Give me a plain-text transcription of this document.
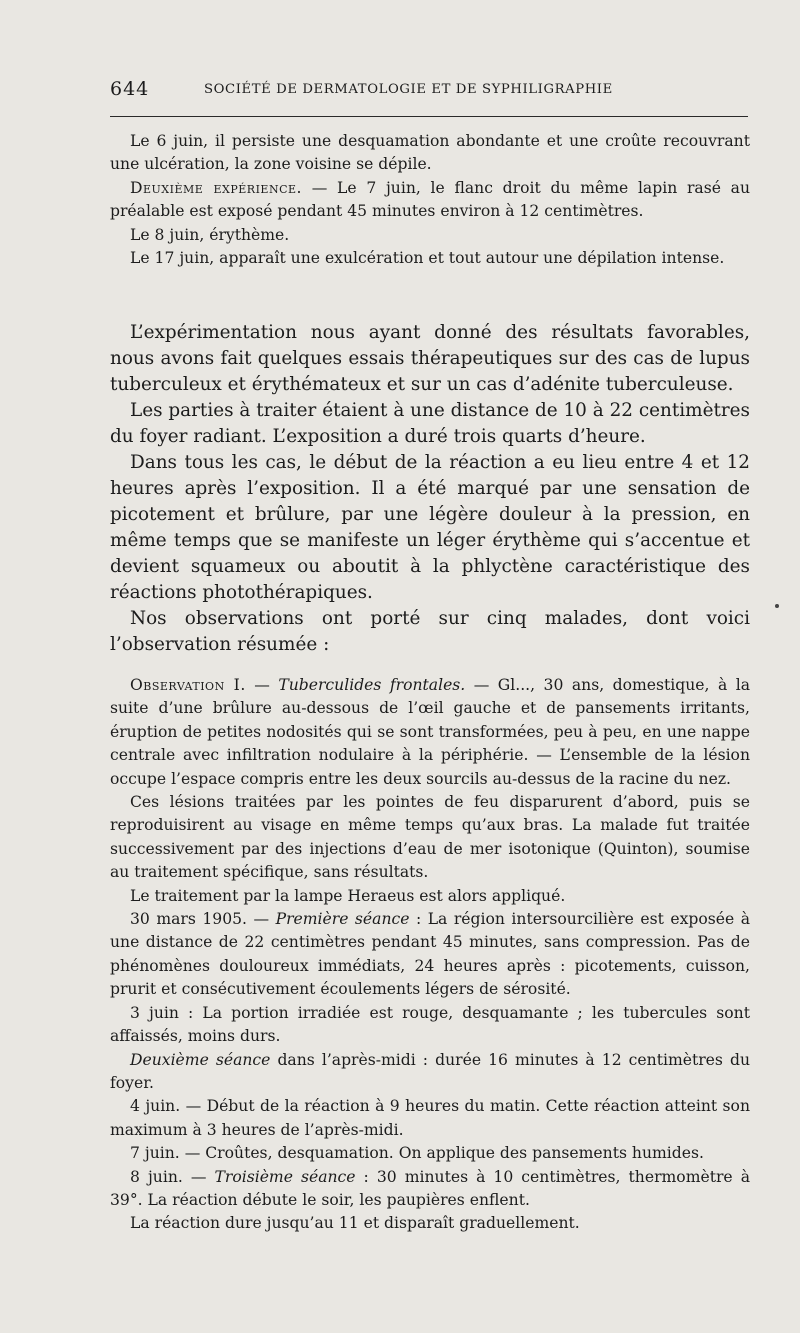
644	SOCIÉTÉ DE DERMATOLOGIE ET DE SYPHILIGRAPHIE

Le 6 juin, il persiste une desquamation abondante et une croûte recouvrant une ulcération, la zone voisine se dépile.

Deuxième expérience. — Le 7 juin, le flanc droit du même lapin rasé au préalable est exposé pendant 45 minutes environ à 12 centimètres.

Le 8 juin, érythème.

Le 17 juin, apparaît une exulcération et tout autour une dépilation intense.

L’expérimentation nous ayant donné des résultats favorables, nous avons fait quelques essais thérapeutiques sur des cas de lupus tuberculeux et érythémateux et sur un cas d’adénite tuberculeuse.

Les parties à traiter étaient à une distance de 10 à 22 centimètres du foyer radiant. L’exposition a duré trois quarts d’heure.

Dans tous les cas, le début de la réaction a eu lieu entre 4 et 12 heures après l’exposition. Il a été marqué par une sensation de picotement et brûlure, par une légère douleur à la pression, en même temps que se manifeste un léger érythème qui s’accentue et devient squameux ou aboutit à la phlyctène caractéristique des réactions photothérapiques.

Nos observations ont porté sur cinq malades, dont voici l’observation résumée :

Observation I. — Tuberculides frontales. — Gl..., 30 ans, domestique, à la suite d’une brûlure au-dessous de l’œil gauche et de pansements irritants, éruption de petites nodosités qui se sont transformées, peu à peu, en une nappe centrale avec infiltration nodulaire à la périphérie. — L’ensemble de la lésion occupe l’espace compris entre les deux sourcils au-dessus de la racine du nez.

Ces lésions traitées par les pointes de feu disparurent d’abord, puis se reproduisirent au visage en même temps qu’aux bras. La malade fut traitée successivement par des injections d’eau de mer isotonique (Quinton), soumise au traitement spécifique, sans résultats.

Le traitement par la lampe Heraeus est alors appliqué.

30 mars 1905. — Première séance : La région intersourcilière est exposée à une distance de 22 centimètres pendant 45 minutes, sans compression. Pas de phénomènes douloureux immédiats, 24 heures après : picotements, cuisson, prurit et consécutivement écoulements légers de sérosité.

3 juin : La portion irradiée est rouge, desquamante ; les tubercules sont affaissés, moins durs.

Deuxième séance dans l’après-midi : durée 16 minutes à 12 centimètres du foyer.

4 juin. — Début de la réaction à 9 heures du matin. Cette réaction atteint son maximum à 3 heures de l’après-midi.

7 juin. — Croûtes, desquamation. On applique des pansements humides.

8 juin. — Troisième séance : 30 minutes à 10 centimètres, thermomètre à 39°. La réaction débute le soir, les paupières enflent.

La réaction dure jusqu’au 11 et disparaît graduellement.
